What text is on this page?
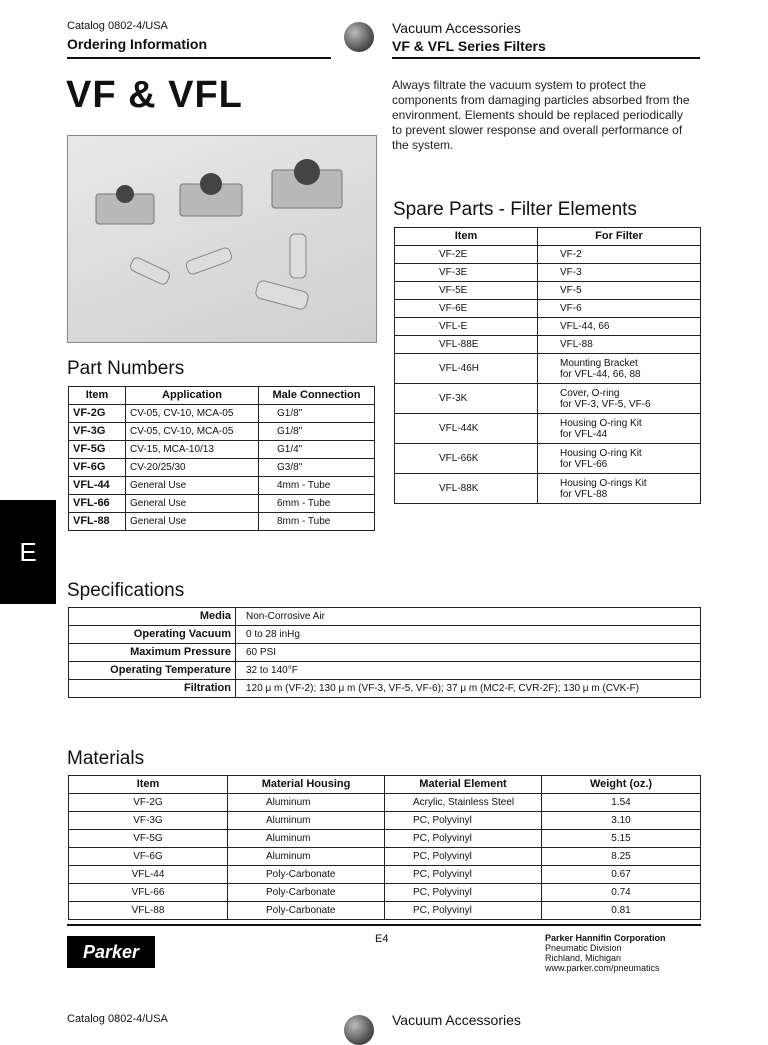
Catalog 0802-4/USA
Ordering Information
Vacuum Accessories
VF & VFL Series Filters
VF & VFL	Always filtrate the vacuum system to protect the components from damaging particles absorbed from the environment. Elements should be replaced periodically to prevent slower response and overall performance of the system.
Spare Parts - Filter Elements
Item	For Filter
VF-2E	VF-2
VF-3E	VF-3
VF-5E	VF-5
VF-6E	VF-6
VFL-E	VFL-44, 66
VFL-88E	VFL-88
VFL-46H	Mounting Bracket
for VFL-44, 66, 88
VF-3K	Cover, O-ring
for VF-3, VF-5, VF-6
VFL-44K	Housing O-ring Kit
for VFL-44
VFL-66K	Housing O-ring Kit
for VFL-66
VFL-88K	Housing O-rings Kit
for VFL-88
Part Numbers
Item	Application	Male Connection
VF-2G	CV-05, CV-10, MCA-05	G1/8"
VF-3G	CV-05, CV-10, MCA-05	G1/8"
VF-5G	CV-15, MCA-10/13	G1/4"
VF-6G	CV-20/25/30	G3/8"
VFL-44	General Use	4mm - Tube
VFL-66	General Use	6mm - Tube
VFL-88	General Use	8mm - Tube
E
Specifications
Media	Non-Corrosive Air
Operating Vacuum	0 to 28 inHg
Maximum Pressure	60 PSI
Operating Temperature	32 to 140°F
Filtration	120 μ m (VF-2); 130 μ m (VF-3, VF-5, VF-6); 37 μ m (MC2-F, CVR-2F); 130 μ m (CVK-F)
Materials
Item	Material Housing	Material Element	Weight (oz.)
VF-2G	Aluminum	Acrylic, Stainless Steel	1.54
VF-3G	Aluminum	PC, Polyvinyl	3.10
VF-5G	Aluminum	PC, Polyvinyl	5.15
VF-6G	Aluminum	PC, Polyvinyl	8.25
VFL-44	Poly-Carbonate	PC, Polyvinyl	0.67
VFL-66	Poly-Carbonate	PC, Polyvinyl	0.74
VFL-88	Poly-Carbonate	PC, Polyvinyl	0.81
Parker
E4	Parker Hannifin Corporation
Pneumatic Division
Richland, Michigan
www.parker.com/pneumatics
Catalog 0802-4/USA	Vacuum Accessories
